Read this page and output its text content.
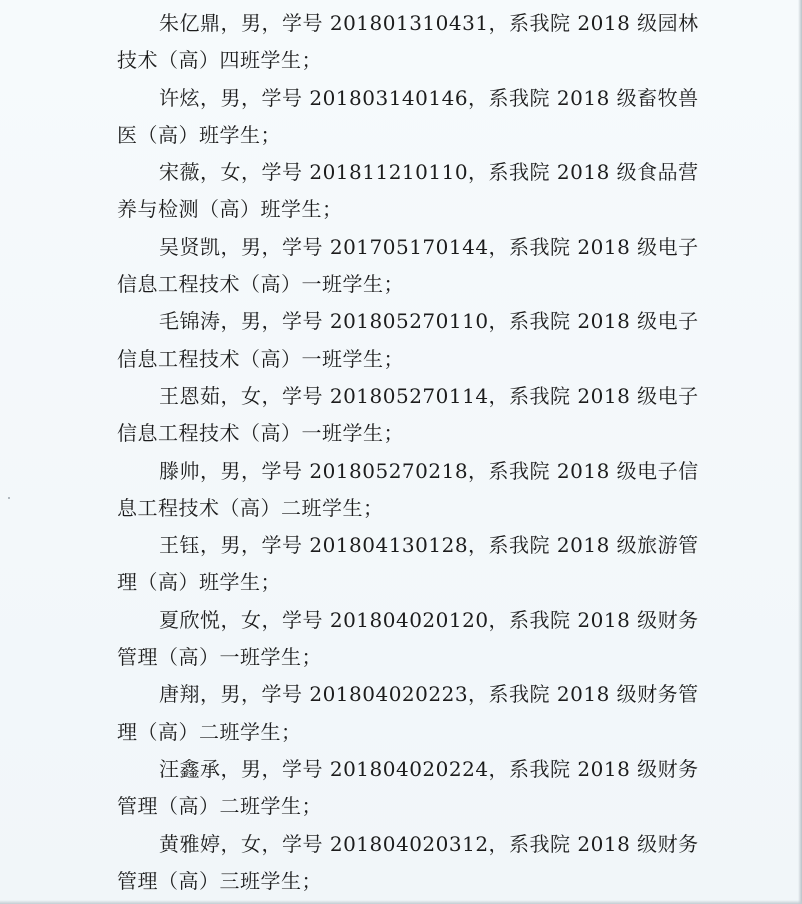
朱亿鼎，男，学号 201801310431，系我院 2018 级园林
技术（高）四班学生；

许炫，男，学号 201803140146，系我院 2018 级畜牧兽
医（高）班学生；

宋薇，女，学号 201811210110，系我院 2018 级食品营
养与检测（高）班学生；

吴贤凯，男，学号 201705170144，系我院 2018 级电子
信息工程技术（高）一班学生；

毛锦涛，男，学号 201805270110，系我院 2018 级电子
信息工程技术（高）一班学生；

王恩茹，女，学号 201805270114，系我院 2018 级电子
信息工程技术（高）一班学生；

滕帅，男，学号 201805270218，系我院 2018 级电子信
息工程技术（高）二班学生；

王钰，男，学号 201804130128，系我院 2018 级旅游管
理（高）班学生；

夏欣悦，女，学号 201804020120，系我院 2018 级财务
管理（高）一班学生；

唐翔，男，学号 201804020223，系我院 2018 级财务管
理（高）二班学生；

汪鑫承，男，学号 201804020224，系我院 2018 级财务
管理（高）二班学生；

黄雅婷，女，学号 201804020312，系我院 2018 级财务
管理（高）三班学生；
